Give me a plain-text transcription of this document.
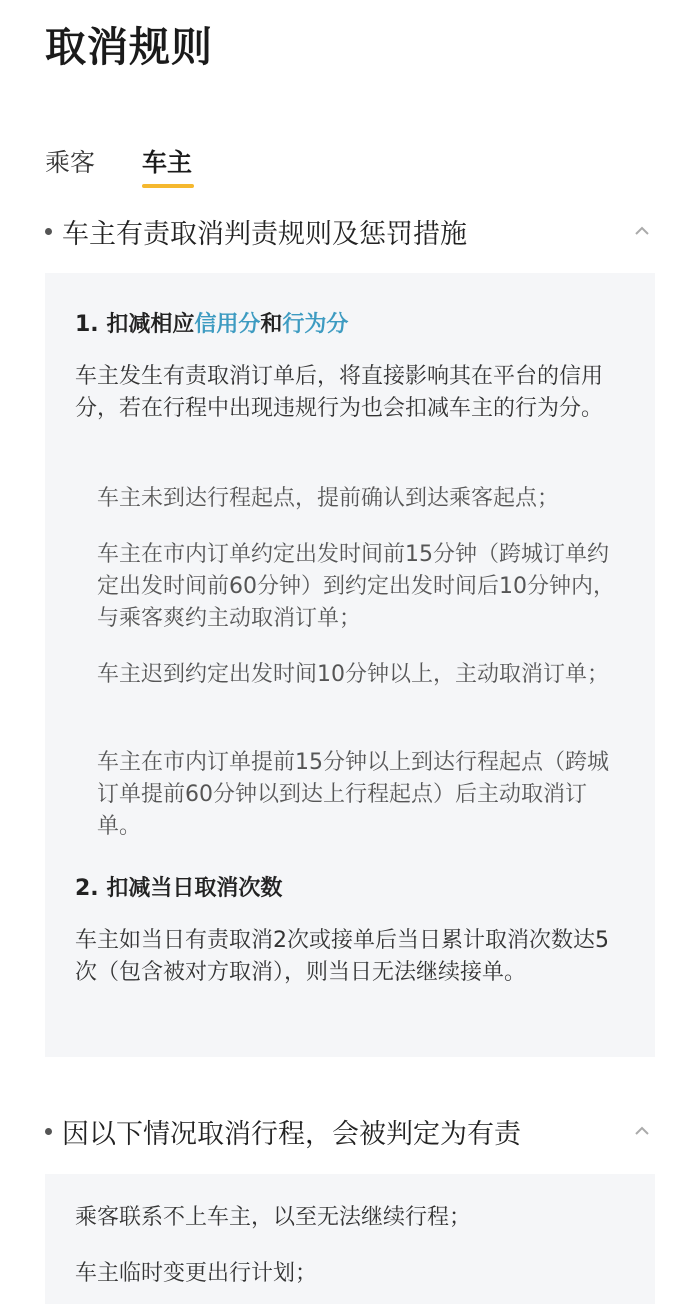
取消规则
乘客 车主
车主有责取消判责规则及惩罚措施
1. 扣减相应信用分和行为分
车主发生有责取消订单后，将直接影响其在平台的信用分，若在行程中出现违规行为也会扣减车主的行为分。
车主未到达行程起点，提前确认到达乘客起点；
车主在市内订单约定出发时间前15分钟（跨城订单约定出发时间前60分钟）到约定出发时间后10分钟内，与乘客爽约主动取消订单；
车主迟到约定出发时间10分钟以上，主动取消订单；
车主在市内订单提前15分钟以上到达行程起点（跨城订单提前60分钟以到达上行程起点）后主动取消订单。
2. 扣减当日取消次数
车主如当日有责取消2次或接单后当日累计取消次数达5次（包含被对方取消），则当日无法继续接单。
因以下情况取消行程，会被判定为有责
乘客联系不上车主，以至无法继续行程；
车主临时变更出行计划；
